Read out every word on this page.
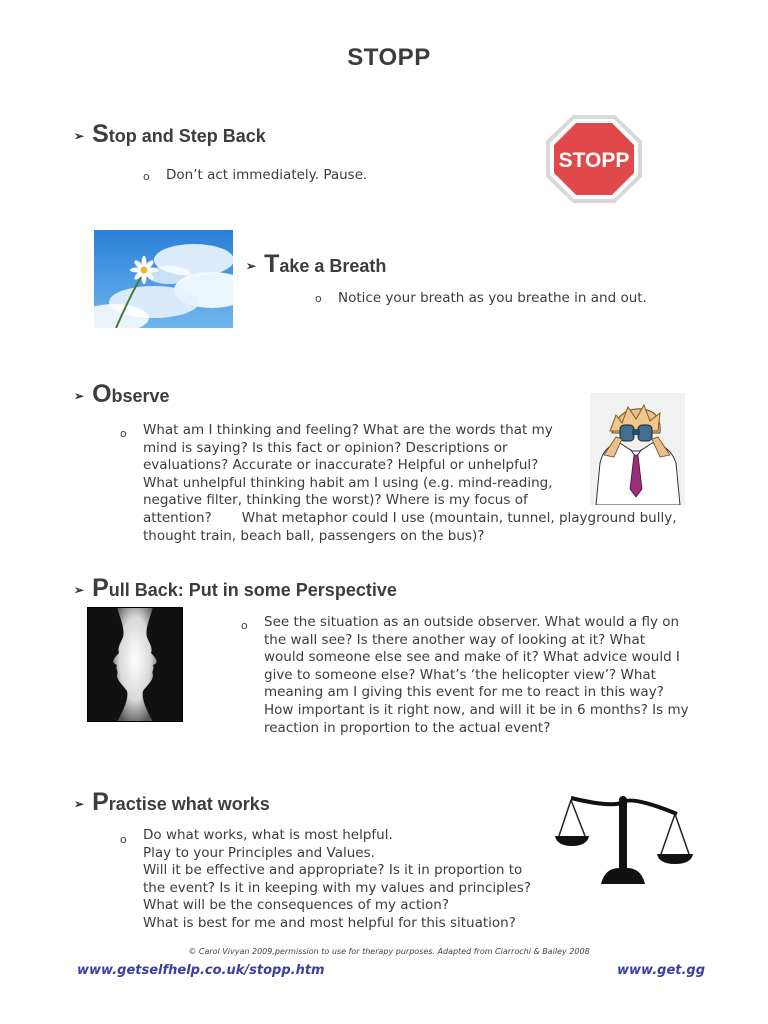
STOPP
➢ Stop and Step Back
o Don’t act immediately. Pause.
STOPP
➢ Take a Breath
o Notice your breath as you breathe in and out.
➢ Observe
o What am I thinking and feeling? What are the words that my
mind is saying? Is this fact or opinion? Descriptions or
evaluations? Accurate or inaccurate? Helpful or unhelpful?
What unhelpful thinking habit am I using (e.g. mind-reading,
negative filter, thinking the worst)? Where is my focus of
attention?       What metaphor could I use (mountain, tunnel, playground bully,
thought train, beach ball, passengers on the bus)?
➢ Pull Back: Put in some Perspective
o See the situation as an outside observer. What would a fly on
the wall see? Is there another way of looking at it? What
would someone else see and make of it? What advice would I
give to someone else? What’s ‘the helicopter view’? What
meaning am I giving this event for me to react in this way?
How important is it right now, and will it be in 6 months? Is my
reaction in proportion to the actual event?
➢ Practise what works
o Do what works, what is most helpful.
Play to your Principles and Values.
Will it be effective and appropriate? Is it in proportion to
the event? Is it in keeping with my values and principles?
What will be the consequences of my action?
What is best for me and most helpful for this situation?
© Carol Vivyan 2009,permission to use for therapy purposes. Adapted from Ciarrochi & Bailey 2008
www.getselfhelp.co.uk/stopp.htm	www.get.gg
